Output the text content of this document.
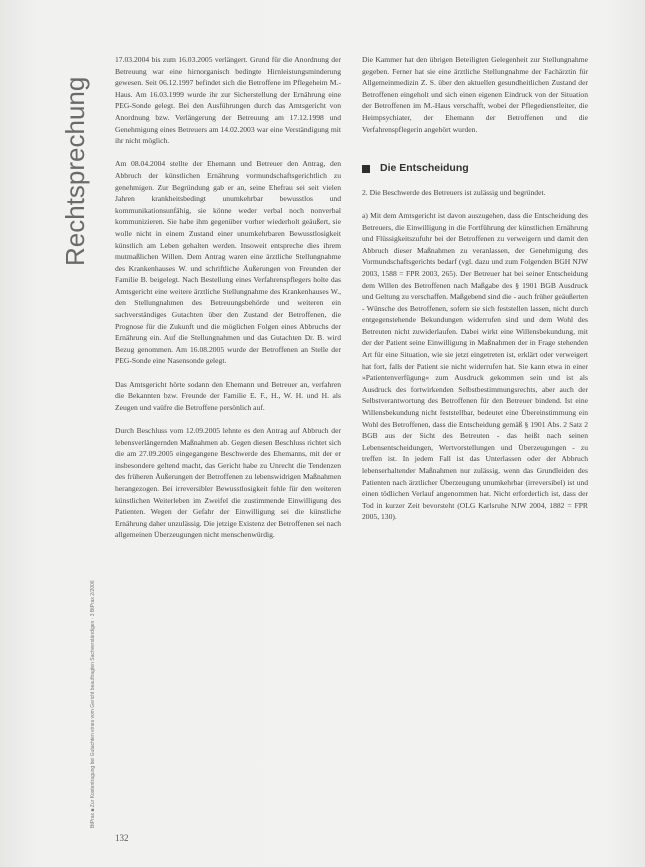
Rechtsprechung
BtPrax ■ Zur Kostentragung bei Gutachten eines vom Gericht beauftragten Sachverständigen · 3 BtPrax 2/2006

17.03.2004 bis zum 16.03.2005 verlängert. Grund für die Anordnung der Betreuung war eine hirnorganisch bedingte Hirnleistungsminderung gewesen. Seit 06.12.1997 befindet sich die Betroffene im Pflegeheim M.-Haus. Am 16.03.1999 wurde ihr zur Sicherstellung der Ernährung eine PEG-Sonde gelegt. Bei den Ausführungen durch das Amtsgericht von Anordnung bzw. Verlängerung der Betreuung am 17.12.1998 und Genehmigung eines Betreuers am 14.02.2003 war eine Verständigung mit ihr nicht möglich.

Am 08.04.2004 stellte der Ehemann und Betreuer den Antrag, den Abbruch der künstlichen Ernährung vormundschaftsgerichtlich zu genehmigen. Zur Begründung gab er an, seine Ehefrau sei seit vielen Jahren krankheitsbedingt unumkehrbar bewusstlos und kommunikationsunfähig, sie könne weder verbal noch nonverbal kommunizieren. Sie habe ihm gegenüber vorher wiederholt geäußert, sie wolle nicht in einem Zustand einer unumkehrbaren Bewusstlosigkeit künstlich am Leben gehalten werden. Insoweit entspreche dies ihrem mutmaßlichen Willen. Dem Antrag waren eine ärztliche Stellungnahme des Krankenhauses W. und schriftliche Äußerungen von Freunden der Familie B. beigelegt. Nach Bestellung eines Verfahrenspflegers holte das Amtsgericht eine weitere ärztliche Stellungnahme des Krankenhauses W., den Stellungnahmen des Betreuungsbehörde und weiteren ein sachverständiges Gutachten über den Zustand der Betroffenen, die Prognose für die Zukunft und die möglichen Folgen eines Abbruchs der Ernährung ein. Auf die Stellungnahmen und das Gutachten Dr. B. wird Bezug genommen. Am 16.08.2005 wurde der Betroffenen an Stelle der PEG-Sonde eine Nasensonde gelegt.

Das Amtsgericht hörte sodann den Ehemann und Betreuer an, verfahren die Bekannten bzw. Freunde der Familie E. F., H., W. H. und H. als Zeugen und vaüfre die Betroffene persönlich auf.

Durch Beschluss vom 12.09.2005 lehnte es den Antrag auf Abbruch der lebensverlängernden Maßnahmen ab. Gegen diesen Beschluss richtet sich die am 27.09.2005 eingegangene Beschwerde des Ehemanns, mit der er insbesondere geltend macht, das Gericht habe zu Unrecht die Tendenzen des früheren Äußerungen der Betroffenen zu lebenswidrigen Maßnahmen herangezogen. Bei irreversibler Bewusstlosigkeit fehle für den weiteren künstlichen Weiterleben im Zweifel die zustimmende Einwilligung des Patienten. Wegen der Gefahr der Einwilligung sei die künstliche Ernährung daher unzulässig. Die jetzige Existenz der Betroffenen sei nach allgemeinen Überzeugungen nicht menschenwürdig.

Die Kammer hat den übrigen Beteiligten Gelegenheit zur Stellungnahme gegeben. Ferner hat sie eine ärztliche Stellungnahme der Fachärztin für Allgemeinmedizin Z. S. über den aktuellen gesundheitlichen Zustand der Betroffenen eingeholt und sich einen eigenen Eindruck von der Situation der Betroffenen im M.-Haus verschafft, wobei der Pflegedienstleiter, die Heimpsychiater, der Ehemann der Betroffenen und die Verfahrenspflegerin angehört wurden.

Die Entscheidung

2. Die Beschwerde des Betreuers ist zulässig und begründet.

a) Mit dem Amtsgericht ist davon auszugehen, dass die Entscheidung des Betreuers, die Einwilligung in die Fortführung der künstlichen Ernährung und Flüssigkeitszufuhr bei der Betroffenen zu verweigern und damit den Abbruch dieser Maßnahmen zu veranlassen, der Genehmigung des Vormundschaftsgerichts bedarf (vgl. dazu und zum Folgenden BGH NJW 2003, 1588 = FPR 2003, 265). Der Betreuer hat bei seiner Entscheidung dem Willen des Betroffenen nach Maßgabe des § 1901 BGB Ausdruck und Geltung zu verschaffen. Maßgebend sind die - auch früher geäußerten - Wünsche des Betroffenen, sofern sie sich feststellen lassen, nicht durch entgegenstehende Bekundungen widerrufen sind und dem Wohl des Betreuten nicht zuwiderlaufen. Dabei wirkt eine Willensbekundung, mit der der Patient seine Einwilligung in Maßnahmen der in Frage stehenden Art für eine Situation, wie sie jetzt eingetreten ist, erklärt oder verweigert hat fort, falls der Patient sie nicht widerrufen hat. Sie kann etwa in einer »Patientenverfügung« zum Ausdruck gekommen sein und ist als Ausdruck des fortwirkenden Selbstbestimmungsrechts, aber auch der Selbstverantwortung des Betroffenen für den Betreuer bindend. Ist eine Willensbekundung nicht feststellbar, bedeutet eine Übereinstimmung ein Wohl des Betroffenen, dass die Entscheidung gemäß § 1901 Abs. 2 Satz 2 BGB aus der Sicht des Betreuten - das heißt nach seinen Lebensentscheidungen, Wertvorstellungen und Überzeugungen - zu treffen ist. In jedem Fall ist das Unterlassen oder der Abbruch lebenserhaltender Maßnahmen nur zulässig, wenn das Grundleiden des Patienten nach ärztlicher Überzeugung unumkehrbar (irreversibel) ist und einen tödlichen Verlauf angenommen hat. Nicht erforderlich ist, dass der Tod in kurzer Zeit bevorsteht (OLG Karlsruhe NJW 2004, 1882 = FPR 2005, 130).

132
